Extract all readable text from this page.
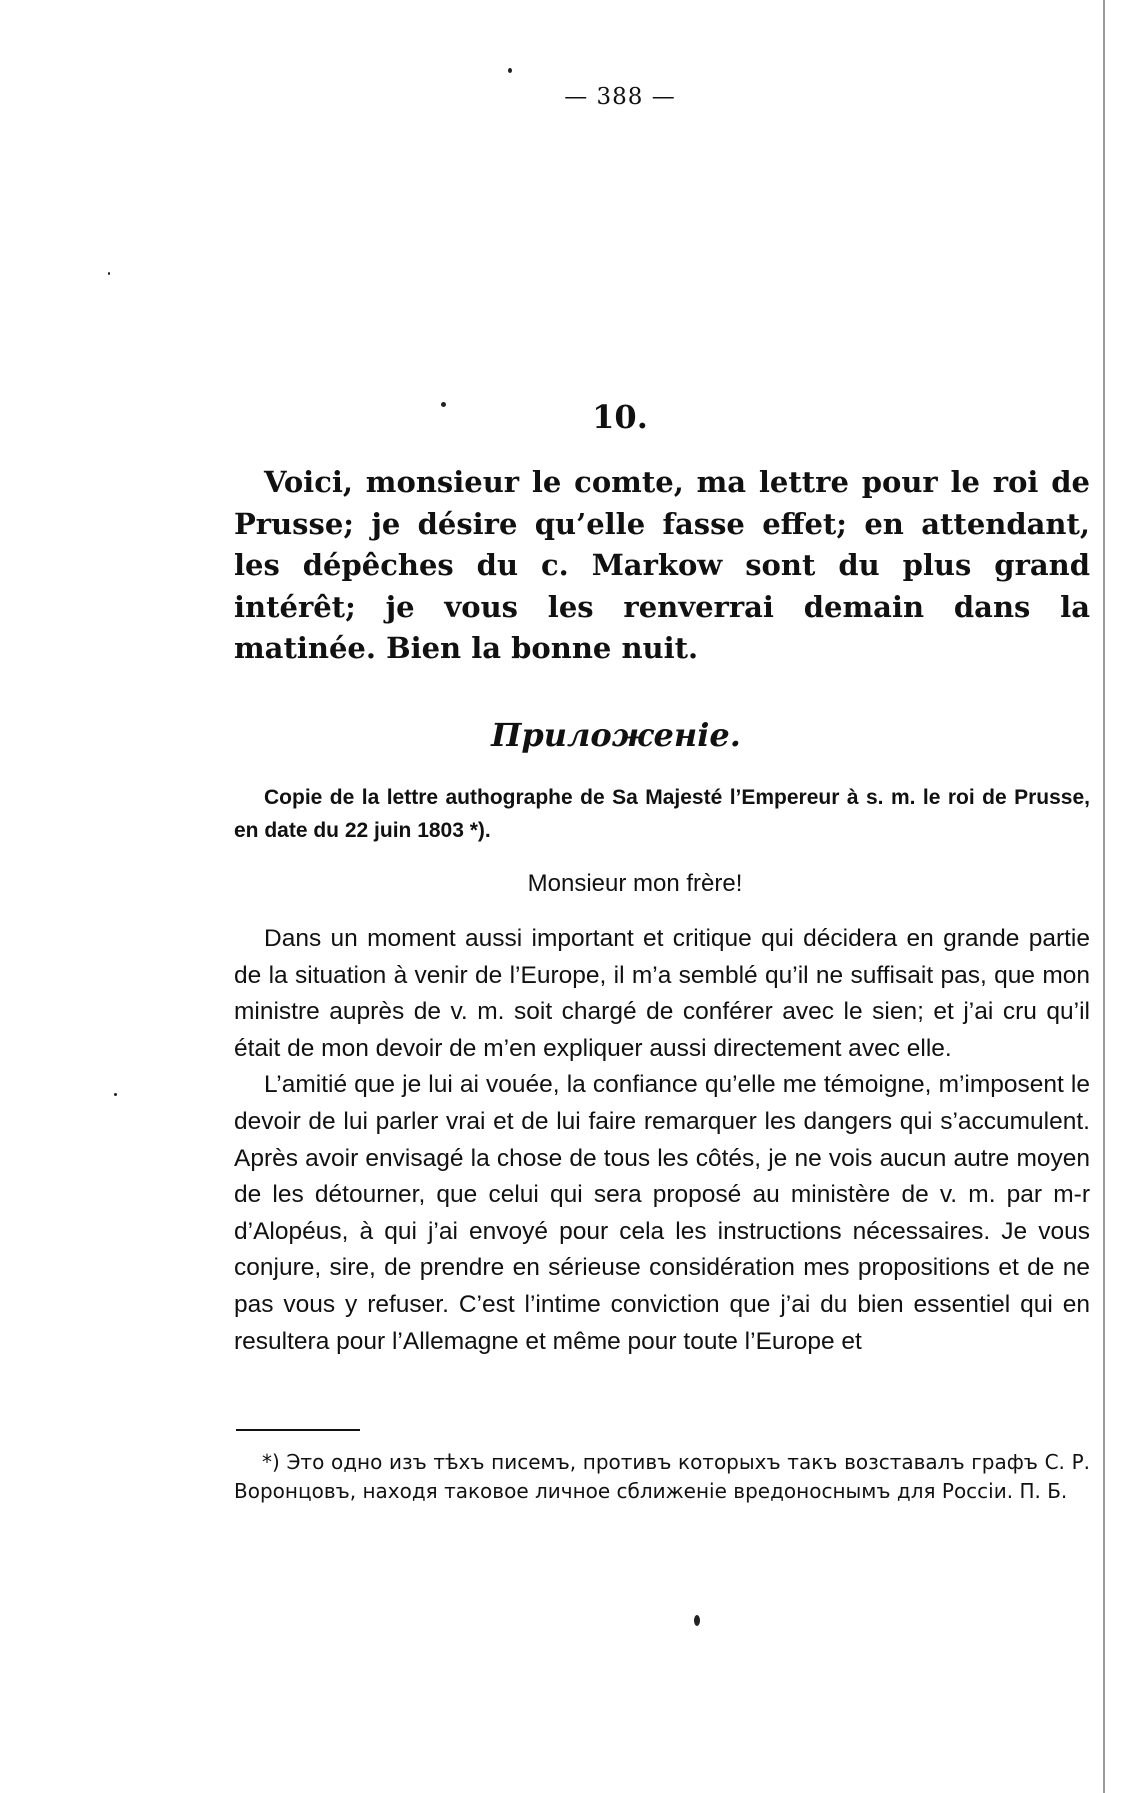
— 388 —
10.

Voici, monsieur le comte, ma lettre pour le roi de Prusse; je désire qu’elle fasse effet; en attendant, les dépêches du c. Markow sont du plus grand intérêt; je vous les renverrai demain dans la matinée. Bien la bonne nuit.

Приложеніе.

Copie de la lettre authographe de Sa Majesté l’Empereur à s. m. le roi de Prusse, en date du 22 juin 1803 *).

Monsieur mon frère!

Dans un moment aussi important et critique qui décidera en grande partie de la situation à venir de l’Europe, il m’a semblé qu’il ne suffisait pas, que mon ministre auprès de v. m. soit chargé de conférer avec le sien; et j’ai cru qu’il était de mon devoir de m’en expliquer aussi directement avec elle.

L’amitié que je lui ai vouée, la confiance qu’elle me témoigne, m’imposent le devoir de lui parler vrai et de lui faire remarquer les dangers qui s’accumulent. Après avoir envisagé la chose de tous les côtés, je ne vois aucun autre moyen de les détourner, que celui qui sera proposé au ministère de v. m. par m-r d’Alopéus, à qui j’ai envoyé pour cela les instructions nécessaires. Je vous conjure, sire, de prendre en sérieuse considération mes propositions et de ne pas vous y refuser. C’est l’intime conviction que j’ai du bien essentiel qui en resultera pour l’Allemagne et même pour toute l’Europe et

*) Это одно изъ тѣхъ писемъ, противъ которыхъ такъ возставалъ графъ С. Р. Воронцовъ, находя таковое личное сближеніе вредоноснымъ для Россіи. П. Б.
